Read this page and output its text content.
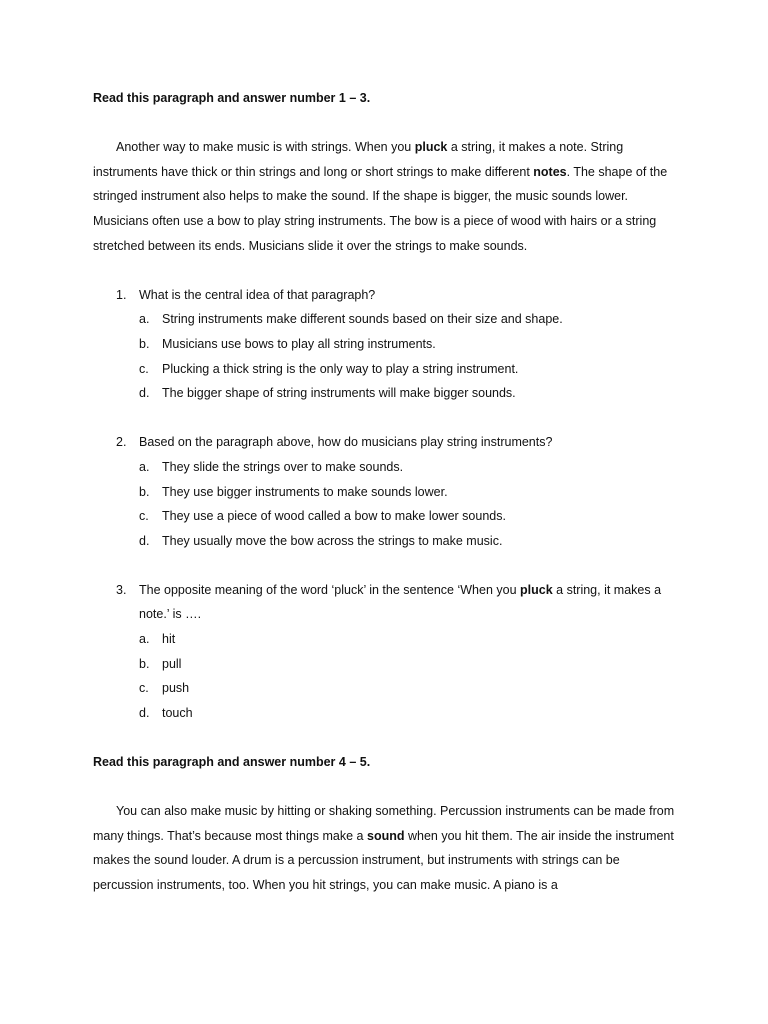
Read this paragraph and answer number 1 – 3.

Another way to make music is with strings. When you pluck a string, it makes a note. String instruments have thick or thin strings and long or short strings to make different notes. The shape of the stringed instrument also helps to make the sound. If the shape is bigger, the music sounds lower. Musicians often use a bow to play string instruments. The bow is a piece of wood with hairs or a string stretched between its ends. Musicians slide it over the strings to make sounds.

1.	What is the central idea of that paragraph?
a.	String instruments make different sounds based on their size and shape.
b.	Musicians use bows to play all string instruments.
c.	Plucking a thick string is the only way to play a string instrument.
d.	The bigger shape of string instruments will make bigger sounds.
2.	Based on the paragraph above, how do musicians play string instruments?
a.	They slide the strings over to make sounds.
b.	They use bigger instruments to make sounds lower.
c.	They use a piece of wood called a bow to make lower sounds.
d.	They usually move the bow across the strings to make music.
3.	The opposite meaning of the word ‘pluck’ in the sentence ‘When you pluck a string, it makes a note.’ is ….
a.	hit
b.	pull
c.	push
d.	touch

Read this paragraph and answer number 4 – 5.

You can also make music by hitting or shaking something. Percussion instruments can be made from many things. That’s because most things make a sound when you hit them. The air inside the instrument makes the sound louder. A drum is a percussion instrument, but instruments with strings can be percussion instruments, too. When you hit strings, you can make music. A piano is a
